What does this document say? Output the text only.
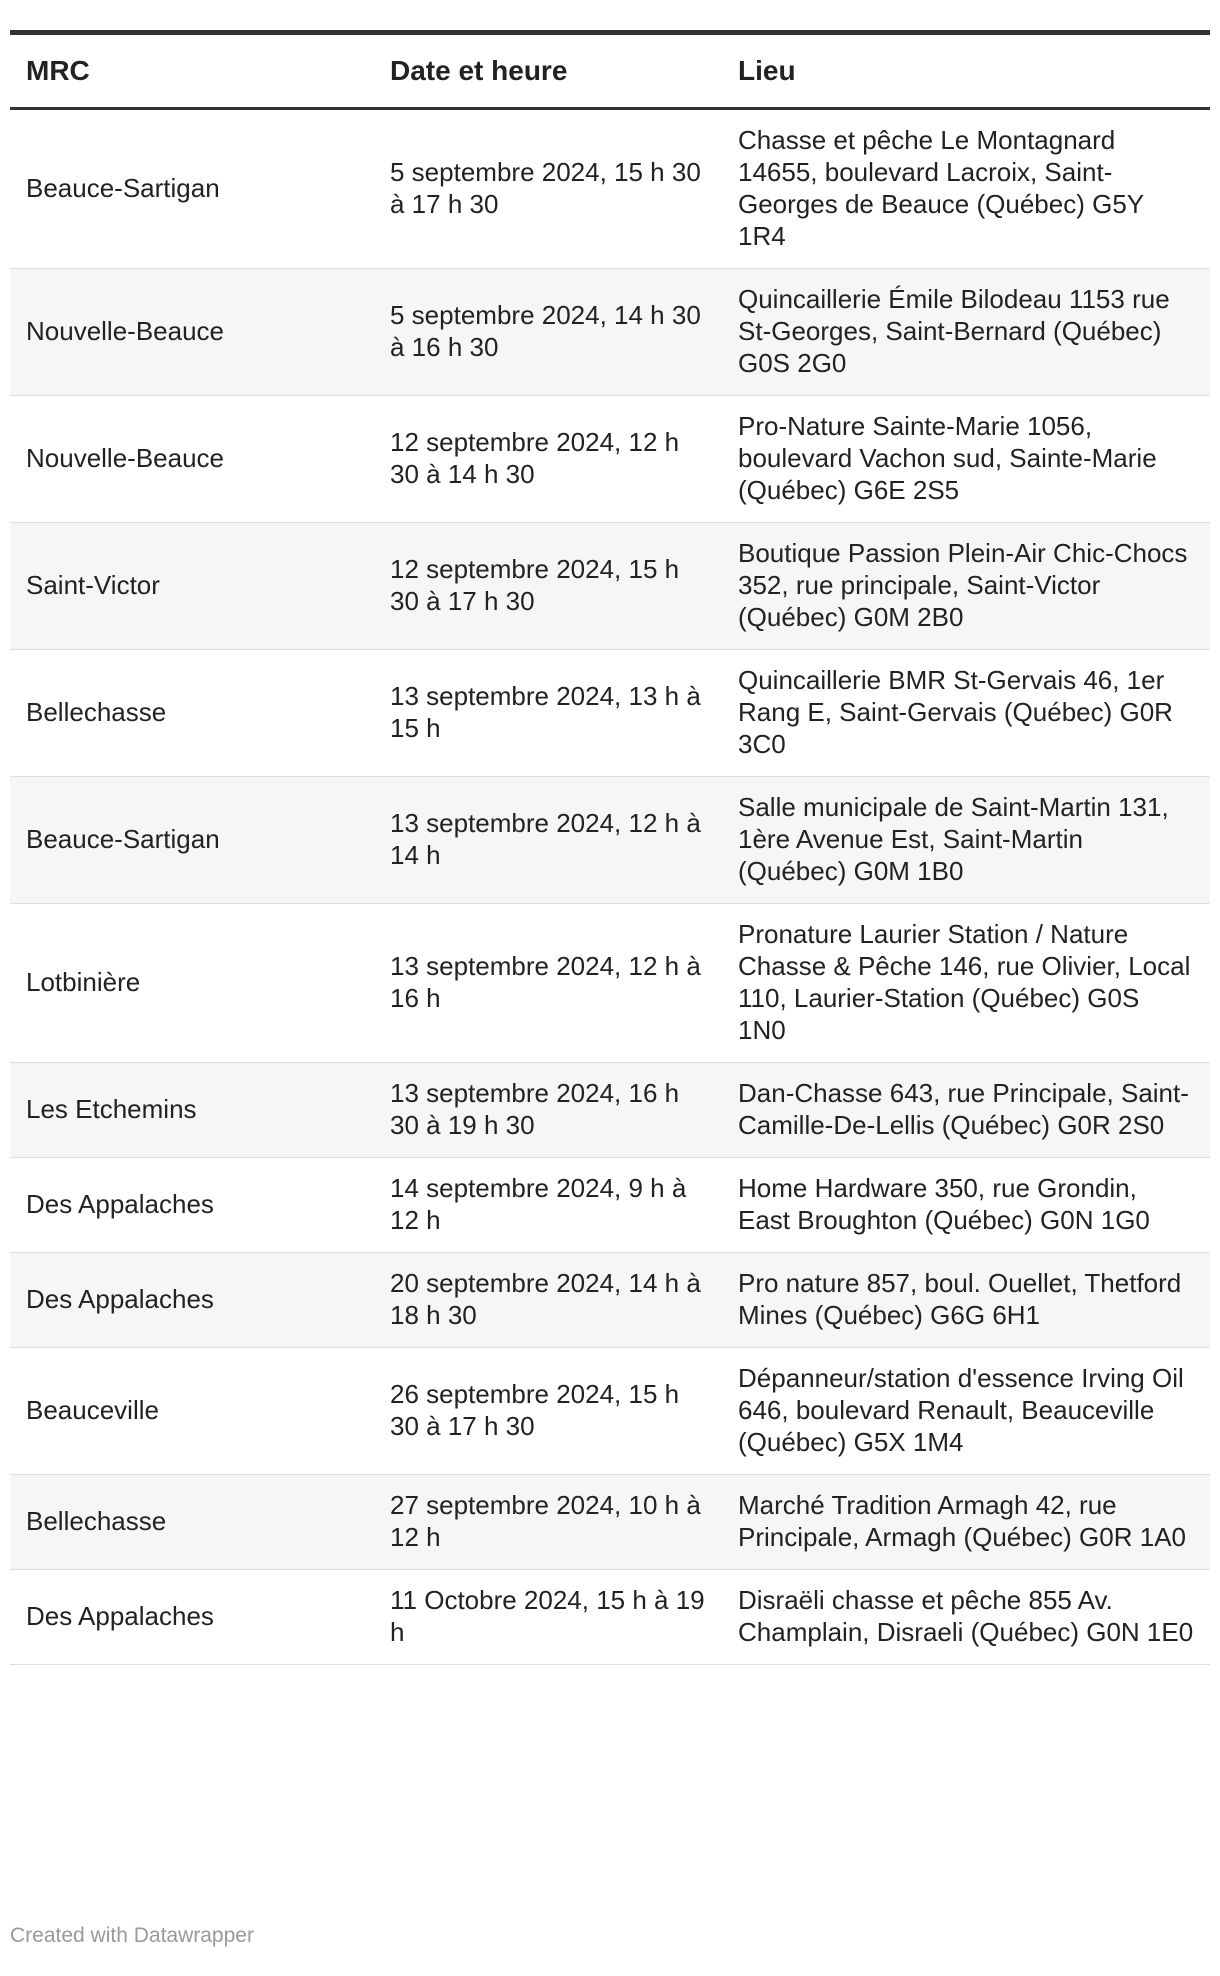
MRC	Date et heure	Lieu
Beauce-Sartigan	5 septembre 2024, 15 h 30 à 17 h 30	Chasse et pêche Le Montagnard 14655, boulevard Lacroix, Saint-Georges de Beauce (Québec) G5Y 1R4
Nouvelle-Beauce	5 septembre 2024, 14 h 30 à 16 h 30	Quincaillerie Émile Bilodeau 1153 rue St-Georges, Saint-Bernard (Québec) G0S 2G0
Nouvelle-Beauce	12 septembre 2024, 12 h 30 à 14 h 30	Pro-Nature Sainte-Marie 1056, boulevard Vachon sud, Sainte-Marie (Québec) G6E 2S5
Saint-Victor	12 septembre 2024, 15 h 30 à 17 h 30	Boutique Passion Plein-Air Chic-Chocs 352, rue principale, Saint-Victor (Québec) G0M 2B0
Bellechasse	13 septembre 2024, 13 h à 15 h	Quincaillerie BMR St-Gervais 46, 1er Rang E, Saint-Gervais (Québec) G0R 3C0
Beauce-Sartigan	13 septembre 2024, 12 h à 14 h	Salle municipale de Saint-Martin 131, 1ère Avenue Est, Saint-Martin (Québec) G0M 1B0
Lotbinière	13 septembre 2024, 12 h à 16 h	Pronature Laurier Station / Nature Chasse & Pêche 146, rue Olivier, Local 110, Laurier-Station (Québec) G0S 1N0
Les Etchemins	13 septembre 2024, 16 h 30 à 19 h 30	Dan-Chasse 643, rue Principale, Saint-Camille-De-Lellis (Québec) G0R 2S0
Des Appalaches	14 septembre 2024, 9 h à 12 h	Home Hardware 350, rue Grondin, East Broughton (Québec) G0N 1G0
Des Appalaches	20 septembre 2024, 14 h à 18 h 30	Pro nature 857, boul. Ouellet, Thetford Mines (Québec) G6G 6H1
Beauceville	26 septembre 2024, 15 h 30 à 17 h 30	Dépanneur/station d'essence Irving Oil 646, boulevard Renault, Beauceville (Québec) G5X 1M4
Bellechasse	27 septembre 2024, 10 h à 12 h	Marché Tradition Armagh 42, rue Principale, Armagh (Québec) G0R 1A0
Des Appalaches	11 Octobre 2024, 15 h à 19 h	Disraëli chasse et pêche 855 Av. Champlain, Disraeli (Québec) G0N 1E0
Created with Datawrapper
